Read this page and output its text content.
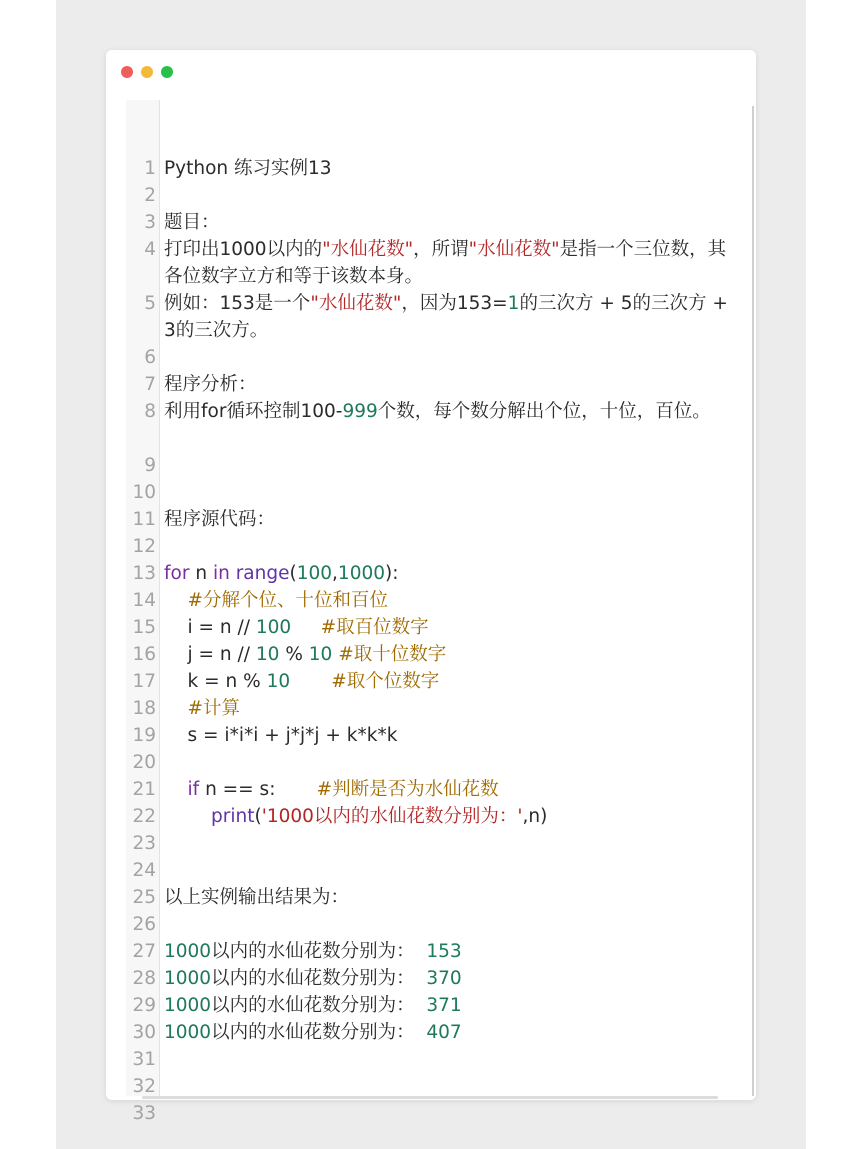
1 Python 练习实例13
2
3 题目：
4 打印出1000以内的"水仙花数"，所谓"水仙花数"是指一个三位数，其各位数字立方和等于该数本身。
5 例如：153是一个"水仙花数"，因为153=1的三次方 + 5的三次方 + 3的三次方。
6
7 程序分析：
8 利用for循环控制100-999个数，每个数分解出个位，十位，百位。
9
10
11 程序源代码：
12
13 for n in range(100,1000):
14	#分解个位、十位和百位
15 i = n // 100 #取百位数字
16 j = n // 10 % 10 #取十位数字
17 k = n % 10 #取个位数字
18	#计算
19 s = i*i*i + j*j*j + k*k*k
20
21	if n == s:       #判断是否为水仙花数
22	print('1000以内的水仙花数分别为：',n)
23
24
25 以上实例输出结果为：
26
27 1000以内的水仙花数分别为：  153
28 1000以内的水仙花数分别为：  370
29 1000以内的水仙花数分别为：  371
30 1000以内的水仙花数分别为：  407
31
32
33
